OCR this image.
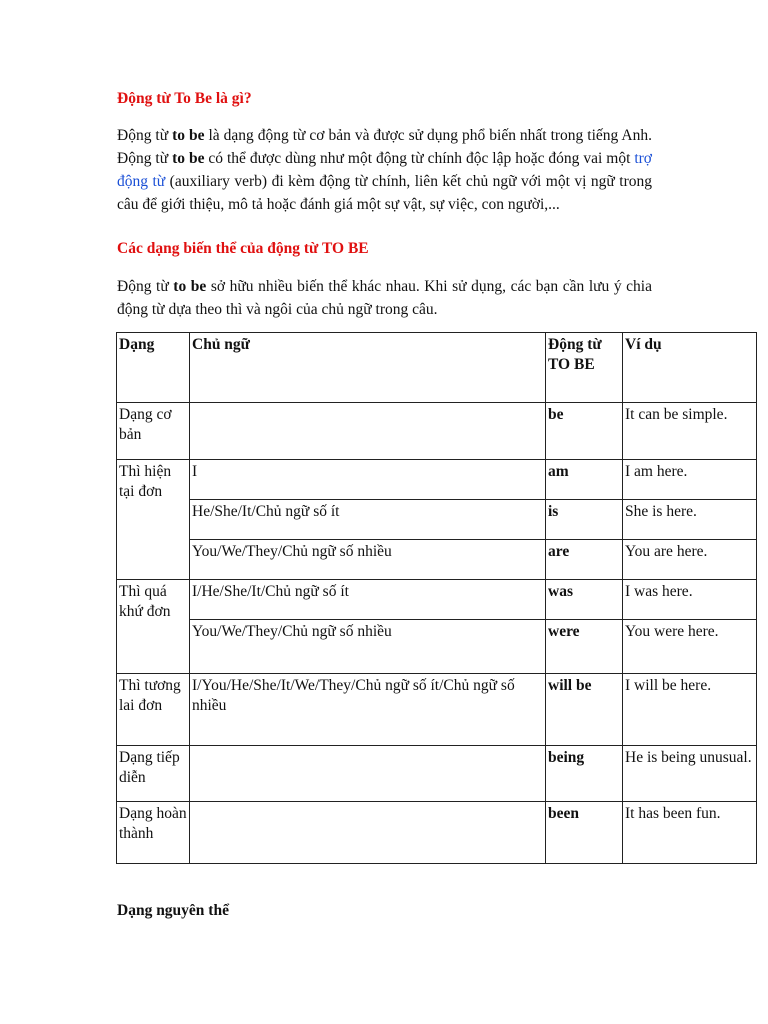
Động từ To Be là gì?
Động từ to be là dạng động từ cơ bản và được sử dụng phổ biến nhất trong tiếng Anh. Động từ to be có thể được dùng như một động từ chính độc lập hoặc đóng vai một trợ động từ (auxiliary verb) đi kèm động từ chính, liên kết chủ ngữ với một vị ngữ trong câu để giới thiệu, mô tả hoặc đánh giá một sự vật, sự việc, con người,...
Các dạng biến thể của động từ TO BE
Động từ to be sở hữu nhiều biến thể khác nhau. Khi sử dụng, các bạn cần lưu ý chia động từ dựa theo thì và ngôi của chủ ngữ trong câu.
Dạng	Chủ ngữ	Động từ TO BE	Ví dụ
Dạng cơ bản		be	It can be simple.
Thì hiện tại đơn	I	am	I am here.
	He/She/It/Chủ ngữ số ít	is	She is here.
	You/We/They/Chủ ngữ số nhiều	are	You are here.
Thì quá khứ đơn	I/He/She/It/Chủ ngữ số ít	was	I was here.
	You/We/They/Chủ ngữ số nhiều	were	You were here.
Thì tương lai đơn	I/You/He/She/It/We/They/Chủ ngữ số ít/Chủ ngữ số nhiều	will be	I will be here.
Dạng tiếp diễn		being	He is being unusual.
Dạng hoàn thành		been	It has been fun.
Dạng nguyên thể
